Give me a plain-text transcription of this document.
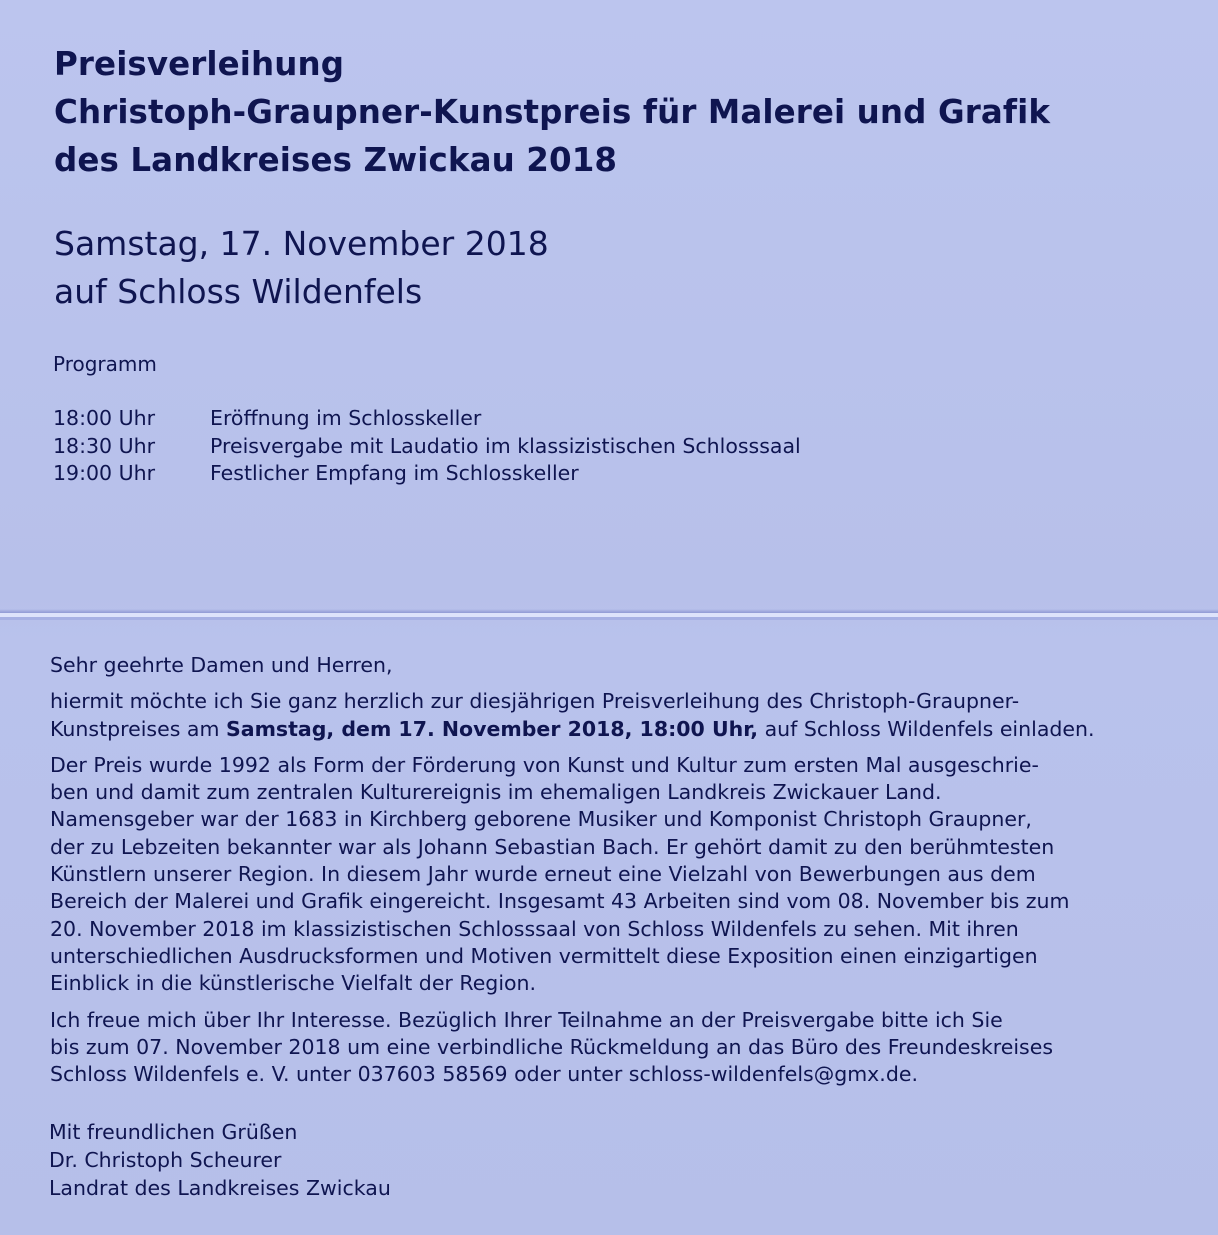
Preisverleihung
Christoph-Graupner-Kunstpreis für Malerei und Grafik
des Landkreises Zwickau 2018
Samstag, 17. November 2018
auf Schloss Wildenfels
Programm
18:00 Uhr	Eröffnung im Schlosskeller
18:30 Uhr	Preisvergabe mit Laudatio im klassizistischen Schlosssaal
19:00 Uhr	Festlicher Empfang im Schlosskeller

Sehr geehrte Damen und Herren,

hiermit möchte ich Sie ganz herzlich zur diesjährigen Preisverleihung des Christoph-Graupner-
Kunstpreises am Samstag, dem 17. November 2018, 18:00 Uhr, auf Schloss Wildenfels einladen.

Der Preis wurde 1992 als Form der Förderung von Kunst und Kultur zum ersten Mal ausgeschrie-
ben und damit zum zentralen Kulturereignis im ehemaligen Landkreis Zwickauer Land.
Namensgeber war der 1683 in Kirchberg geborene Musiker und Komponist Christoph Graupner,
der zu Lebzeiten bekannter war als Johann Sebastian Bach. Er gehört damit zu den berühmtesten
Künstlern unserer Region. In diesem Jahr wurde erneut eine Vielzahl von Bewerbungen aus dem
Bereich der Malerei und Grafik eingereicht. Insgesamt 43 Arbeiten sind vom 08. November bis zum
20. November 2018 im klassizistischen Schlosssaal von Schloss Wildenfels zu sehen. Mit ihren
unterschiedlichen Ausdrucksformen und Motiven vermittelt diese Exposition einen einzigartigen
Einblick in die künstlerische Vielfalt der Region.

Ich freue mich über Ihr Interesse. Bezüglich Ihrer Teilnahme an der Preisvergabe bitte ich Sie
bis zum 07. November 2018 um eine verbindliche Rückmeldung an das Büro des Freundeskreises
Schloss Wildenfels e. V. unter 037603 58569 oder unter schloss-wildenfels@gmx.de.

Mit freundlichen Grüßen
Dr. Christoph Scheurer
Landrat des Landkreises Zwickau
